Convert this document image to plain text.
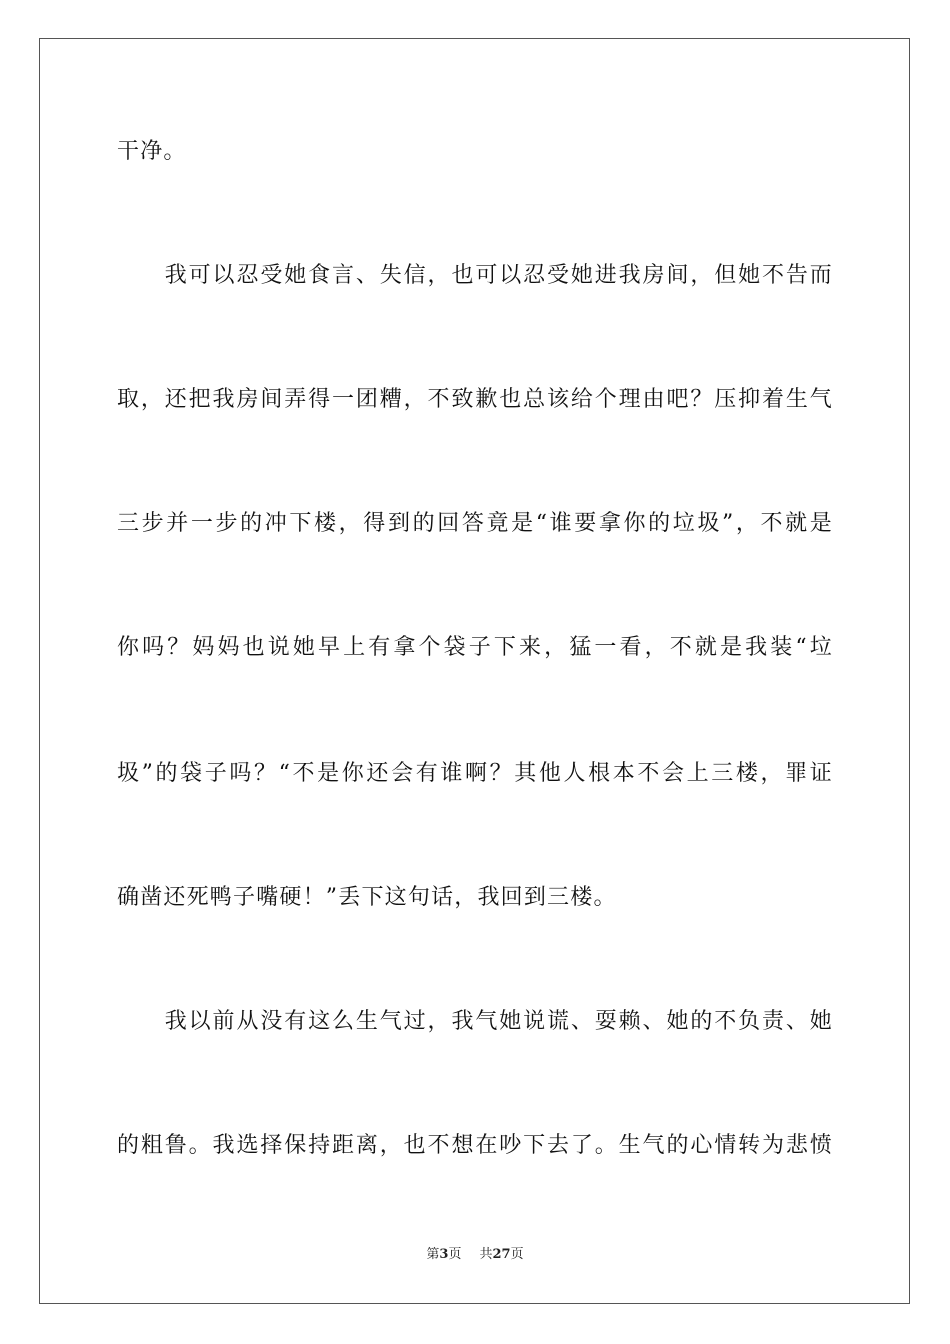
干净。
　　我可以忍受她食言、失信，也可以忍受她进我房间，但她不告而
取，还把我房间弄得一团糟，不致歉也总该给个理由吧？压抑着生气
三步并一步的冲下楼，得到的回答竟是“谁要拿你的垃圾”，不就是
你吗？妈妈也说她早上有拿个袋子下来，猛一看，不就是我装“垃
圾”的袋子吗？“不是你还会有谁啊？其他人根本不会上三楼，罪证
确凿还死鸭子嘴硬！”丢下这句话，我回到三楼。
　　我以前从没有这么生气过，我气她说谎、耍赖、她的不负责、她
的粗鲁。我选择保持距离，也不想在吵下去了。生气的心情转为悲愤
第3页 共27页
